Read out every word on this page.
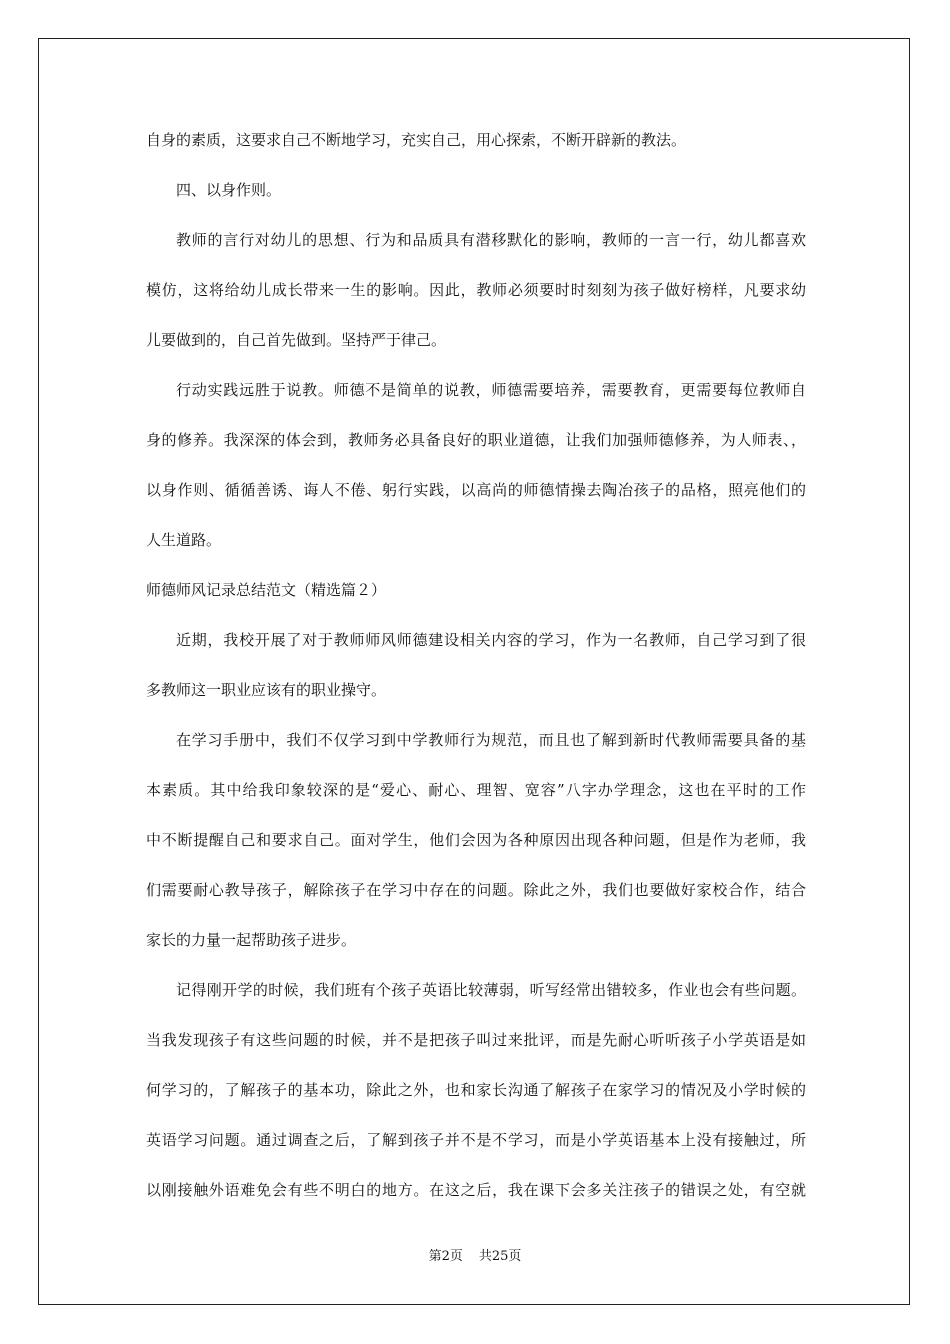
自身的素质，这要求自己不断地学习，充实自己，用心探索，不断开辟新的教法。
四、以身作则。
教师的言行对幼儿的思想、行为和品质具有潜移默化的影响，教师的一言一行，幼儿都喜欢
模仿，这将给幼儿成长带来一生的影响。因此，教师必须要时时刻刻为孩子做好榜样，凡要求幼
儿要做到的，自己首先做到。坚持严于律己。
行动实践远胜于说教。师德不是简单的说教，师德需要培养，需要教育，更需要每位教师自
身的修养。我深深的体会到，教师务必具备良好的职业道德，让我们加强师德修养，为人师表、，
以身作则、循循善诱、诲人不倦、躬行实践，以高尚的师德情操去陶冶孩子的品格，照亮他们的
人生道路。
师德师风记录总结范文（精选篇２）
近期，我校开展了对于教师师风师德建设相关内容的学习，作为一名教师，自己学习到了很
多教师这一职业应该有的职业操守。
在学习手册中，我们不仅学习到中学教师行为规范，而且也了解到新时代教师需要具备的基
本素质。其中给我印象较深的是“爱心、耐心、理智、宽容”八字办学理念，这也在平时的工作
中不断提醒自己和要求自己。面对学生，他们会因为各种原因出现各种问题，但是作为老师，我
们需要耐心教导孩子，解除孩子在学习中存在的问题。除此之外，我们也要做好家校合作，结合
家长的力量一起帮助孩子进步。
记得刚开学的时候，我们班有个孩子英语比较薄弱，听写经常出错较多，作业也会有些问题。
当我发现孩子有这些问题的时候，并不是把孩子叫过来批评，而是先耐心听听孩子小学英语是如
何学习的，了解孩子的基本功，除此之外，也和家长沟通了解孩子在家学习的情况及小学时候的
英语学习问题。通过调查之后，了解到孩子并不是不学习，而是小学英语基本上没有接触过，所
以刚接触外语难免会有些不明白的地方。在这之后，我在课下会多关注孩子的错误之处，有空就
第2页 共25页
